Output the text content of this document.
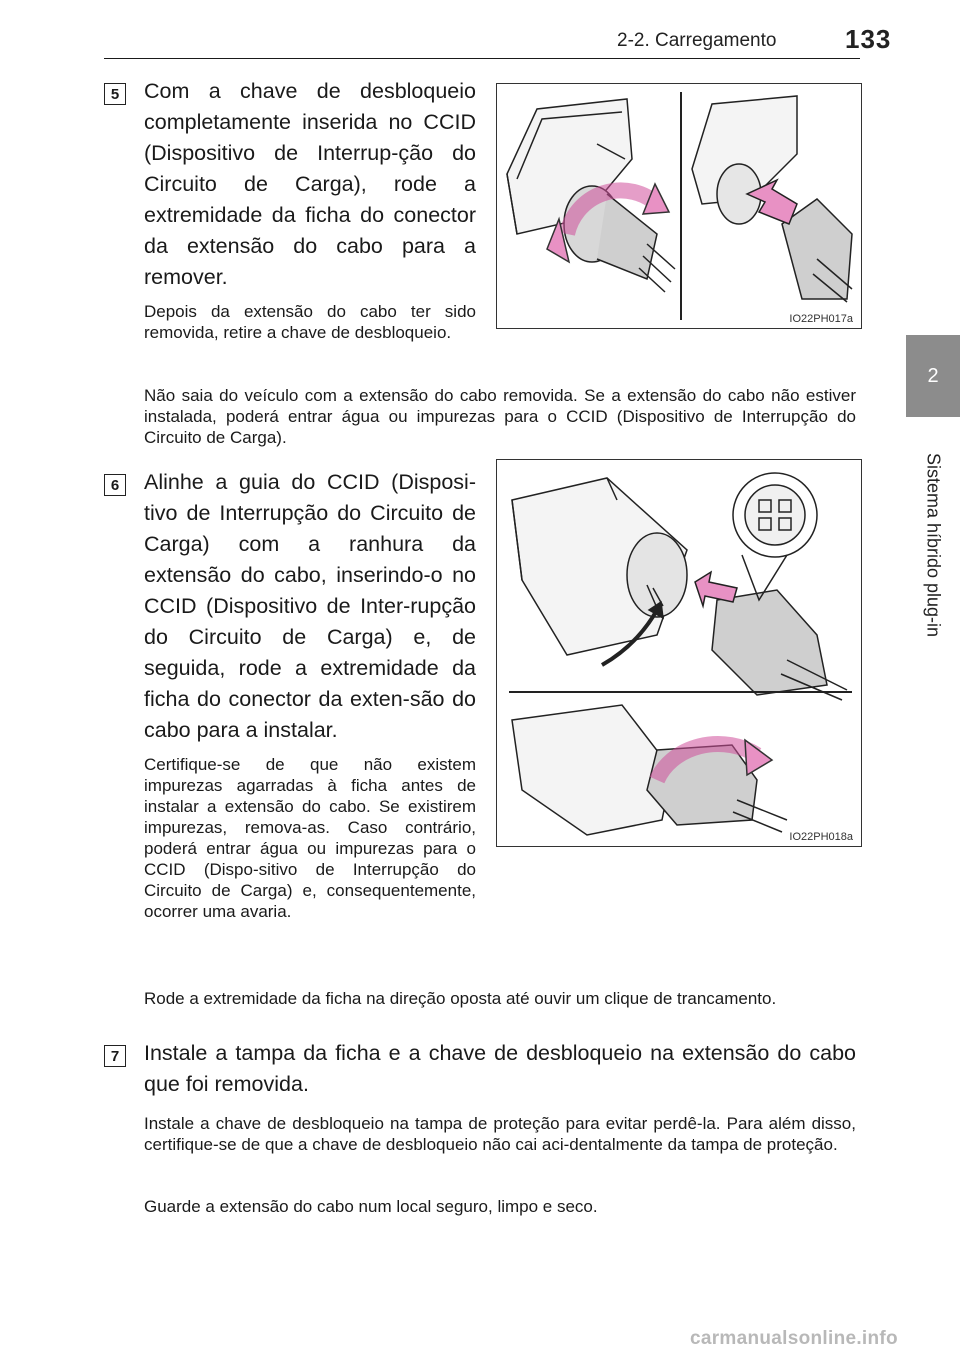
2-2. Carregamento	133
2
Sistema híbrido plug-in
5	Com a chave de desbloqueio completamente inserida no CCID (Dispositivo de Interrup-ção do Circuito de Carga), rode a extremidade da ficha do conector da extensão do cabo para a remover.

Depois da extensão do cabo ter sido removida, retire a chave de desbloqueio.

Não saia do veículo com a extensão do cabo removida. Se a extensão do cabo não estiver instalada, poderá entrar água ou impurezas para o CCID (Dispositivo de Interrupção do Circuito de Carga).

IO22PH017a
6	Alinhe a guia do CCID (Disposi-tivo de Interrupção do Circuito de Carga) com a ranhura da extensão do cabo, inserindo-o no CCID (Dispositivo de Inter-rupção do Circuito de Carga) e, de seguida, rode a extremidade da ficha do conector da exten-são do cabo para a instalar.

Certifique-se de que não existem impurezas agarradas à ficha antes de instalar a extensão do cabo. Se existirem impurezas, remova-as. Caso contrário, poderá entrar água ou impurezas para o CCID (Dispo-sitivo de Interrupção do Circuito de Carga) e, consequentemente, ocorrer uma avaria.

Rode a extremidade da ficha na direção oposta até ouvir um clique de trancamento.

IO22PH018a
7	Instale a tampa da ficha e a chave de desbloqueio na extensão do cabo que foi removida.

Instale a chave de desbloqueio na tampa de proteção para evitar perdê-la. Para além disso, certifique-se de que a chave de desbloqueio não cai aci-dentalmente da tampa de proteção.

Guarde a extensão do cabo num local seguro, limpo e seco.

carmanualsonline.info
